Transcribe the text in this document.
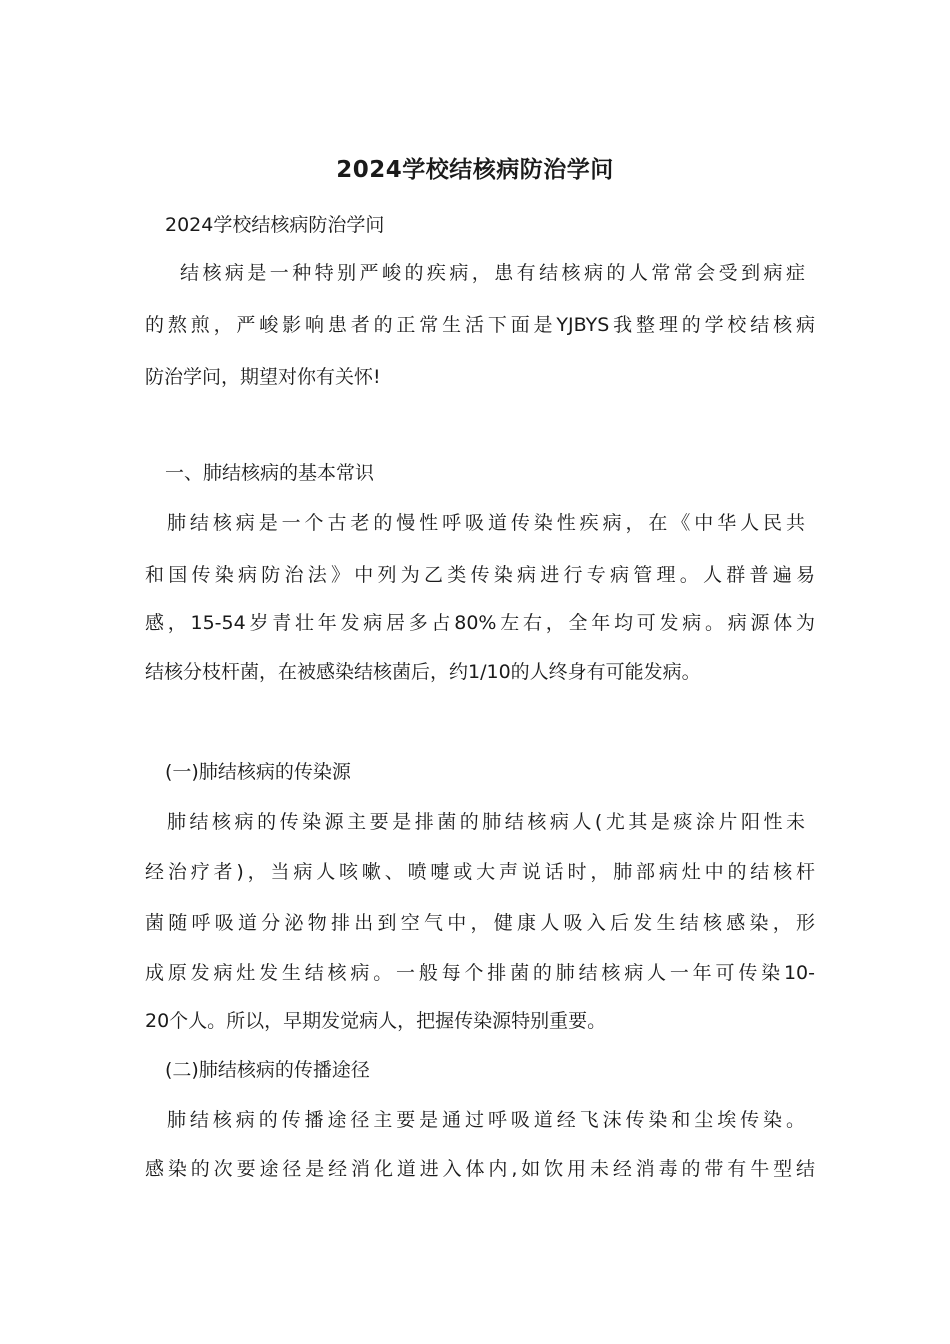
2024学校结核病防治学问
2024学校结核病防治学问
结核病是一种特别严峻的疾病，患有结核病的人常常会受到病症
的熬煎，严峻影响患者的正常生活下面是YJBYS我整理的学校结核病
防治学问，期望对你有关怀!
一、肺结核病的基本常识
肺结核病是一个古老的慢性呼吸道传染性疾病，在《中华人民共
和国传染病防治法》中列为乙类传染病进行专病管理。人群普遍易
感，15-54岁青壮年发病居多占80%左右，全年均可发病。病源体为
结核分枝杆菌，在被感染结核菌后，约1/10的人终身有可能发病。
(一)肺结核病的传染源
肺结核病的传染源主要是排菌的肺结核病人(尤其是痰涂片阳性未
经治疗者)，当病人咳嗽、喷嚏或大声说话时，肺部病灶中的结核杆
菌随呼吸道分泌物排出到空气中，健康人吸入后发生结核感染，形
成原发病灶发生结核病。一般每个排菌的肺结核病人一年可传染10-
20个人。所以，早期发觉病人，把握传染源特别重要。
(二)肺结核病的传播途径
肺结核病的传播途径主要是通过呼吸道经飞沫传染和尘埃传染。
感染的次要途径是经消化道进入体内,如饮用未经消毒的带有牛型结
